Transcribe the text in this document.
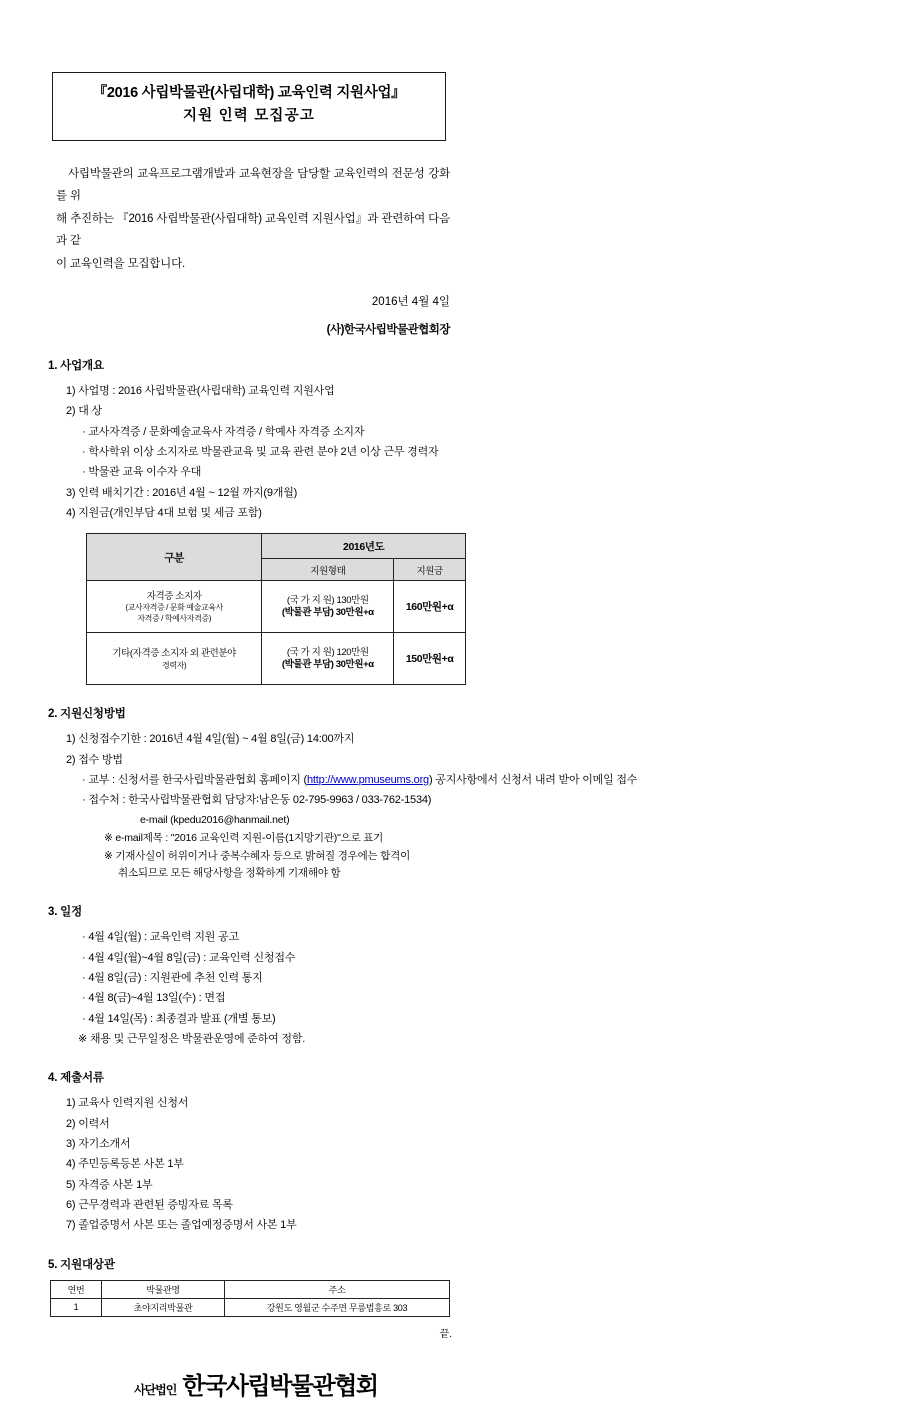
『2016 사립박물관(사립대학) 교육인력 지원사업』
지원 인력 모집공고

사립박물관의 교육프로그램개발과 교육현장을 담당할 교육인력의 전문성 강화를 위

해 추진하는 『2016 사립박물관(사립대학) 교육인력 지원사업』과 관련하여 다음과 같

이 교육인력을 모집합니다.

2016년 4월 4일
(사)한국사립박물관협회장
1. 사업개요
1) 사업명 : 2016 사립박물관(사립대학) 교육인력 지원사업
2) 대 상
· 교사자격증 / 문화예술교육사 자격증 / 학예사 자격증 소지자
· 학사학위 이상 소지자로 박물관교육 및 교육 관련 분야 2년 이상 근무 경력자
· 박물관 교육 이수자 우대
3) 인력 배치기간 : 2016년 4월 ~ 12월 까지(9개월)
4) 지원금(개인부담 4대 보험 및 세금 포함)
구분	2016년도	
	지원형태	지원금
자격증 소지자
(교사자격증 / 문화 예술교육사
자격증 / 학예사자격증)	(국 가 지 원) 130만원
(박물관 부담) 30만원+α	160만원+α
기타(자격증 소지자 외 관련분야
경력자)	(국 가 지 원) 120만원
(박물관 부담) 30만원+α	150만원+α
2. 지원신청방법
1) 신청접수기한 : 2016년 4월 4일(월) ~ 4월 8일(금) 14:00까지
2) 접수 방법
· 교부 : 신청서를 한국사립박물관협회 홈페이지 (http://www.pmuseums.org) 공지사항에서 신청서 내려 받아 이메일 접수
· 접수처 : 한국사립박물관협회 담당자∶남은동 02-795-9963 / 033-762-1534)
e-mail (kpedu2016@hanmail.net)
※ e-mail제목 : "2016 교육인력 지원-이름(1지망기관)"으로 표기
※ 기재사실이 허위이거나 중복수혜자 등으로 밝혀질 경우에는 합격이
취소되므로 모든 해당사항을 정확하게 기재해야 함
3. 일정
· 4월 4일(월) : 교육인력 지원 공고
· 4월 4일(월)~4월 8일(금) : 교육인력 신청접수
· 4월 8일(금) : 지원관에 추천 인력 통지
· 4월 8(금)~4월 13일(수) : 면접
· 4월 14일(목) : 최종결과 발표 (개별 통보)
※ 채용 및 근무일정은 박물관운영에 준하여 정함.
4. 제출서류
1) 교육사 인력지원 신청서
2) 이력서
3) 자기소개서
4) 주민등록등본 사본 1부
5) 자격증 사본 1부
6) 근무경력과 관련된 증빙자료 목록
7) 졸업증명서 사본 또는 졸업예정증명서 사본 1부
5. 지원대상관
연번	박물관명	주소
1	초야지리박물관	강원도 영월군 수주면 무릉법흥로 303
끝.
사단법인 한국사립박물관협회
